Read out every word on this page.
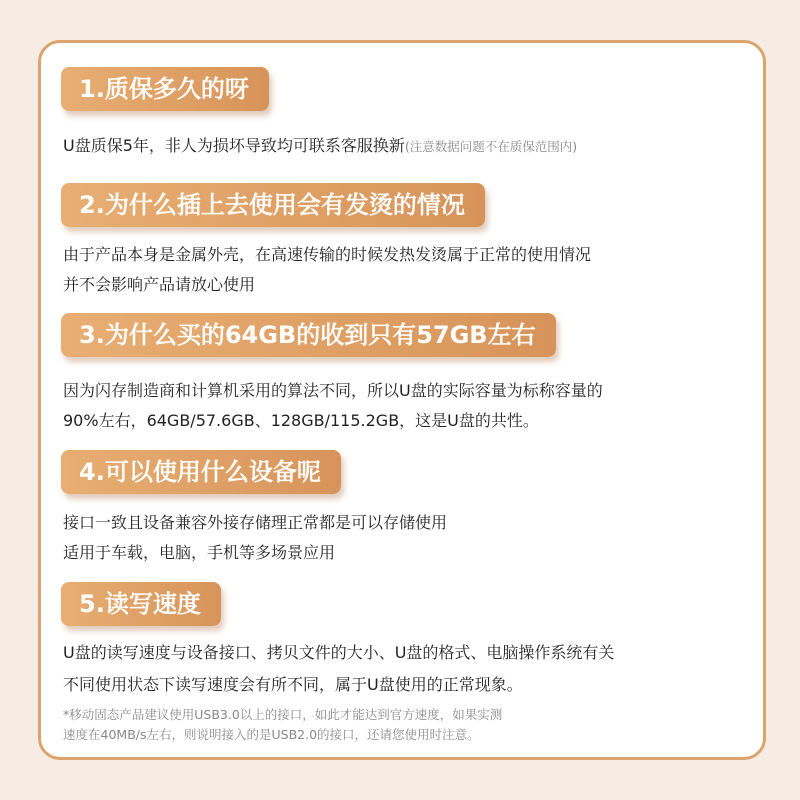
1.质保多久的呀
U盘质保5年，非人为损坏导致均可联系客服换新(注意数据问题不在质保范围内)
2.为什么插上去使用会有发烫的情况
由于产品本身是金属外壳，在高速传输的时候发热发烫属于正常的使用情况
并不会影响产品请放心使用
3.为什么买的64GB的收到只有57GB左右
因为闪存制造商和计算机采用的算法不同，所以U盘的实际容量为标称容量的
90%左右，64GB/57.6GB、128GB/115.2GB，这是U盘的共性。
4.可以使用什么设备呢
接口一致且设备兼容外接存储理正常都是可以存储使用
适用于车载，电脑，手机等多场景应用
5.读写速度
U盘的读写速度与设备接口、拷贝文件的大小、U盘的格式、电脑操作系统有关
不同使用状态下读写速度会有所不同，属于U盘使用的正常现象。
*移动固态产品建议使用USB3.0以上的接口，如此才能达到官方速度，如果实测
速度在40MB/s左右，则说明接入的是USB2.0的接口，还请您使用时注意。
